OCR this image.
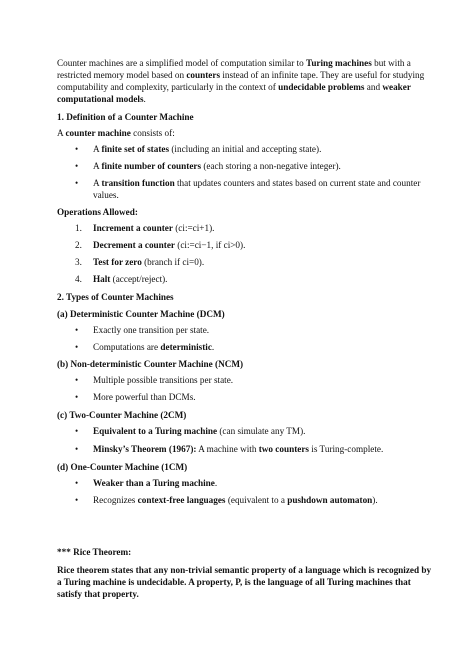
Counter machines are a simplified model of computation similar to Turing machines but with a
restricted memory model based on counters instead of an infinite tape. They are useful for studying
computability and complexity, particularly in the context of undecidable problems and weaker
computational models.
1. Definition of a Counter Machine
A counter machine consists of:
• A finite set of states (including an initial and accepting state).
• A finite number of counters (each storing a non-negative integer).
• A transition function that updates counters and states based on current state and counter
values.
Operations Allowed:
1. Increment a counter (ci:=ci+1).
2. Decrement a counter (ci:=ci−1, if ci>0).
3. Test for zero (branch if ci=0).
4. Halt (accept/reject).
2. Types of Counter Machines
(a) Deterministic Counter Machine (DCM)
• Exactly one transition per state.
• Computations are deterministic.
(b) Non-deterministic Counter Machine (NCM)
• Multiple possible transitions per state.
• More powerful than DCMs.
(c) Two-Counter Machine (2CM)
• Equivalent to a Turing machine (can simulate any TM).
• Minsky’s Theorem (1967): A machine with two counters is Turing-complete.
(d) One-Counter Machine (1CM)
• Weaker than a Turing machine.
• Recognizes context-free languages (equivalent to a pushdown automaton).
*** Rice Theorem:
Rice theorem states that any non-trivial semantic property of a language which is recognized by
a Turing machine is undecidable. A property, P, is the language of all Turing machines that
satisfy that property.
